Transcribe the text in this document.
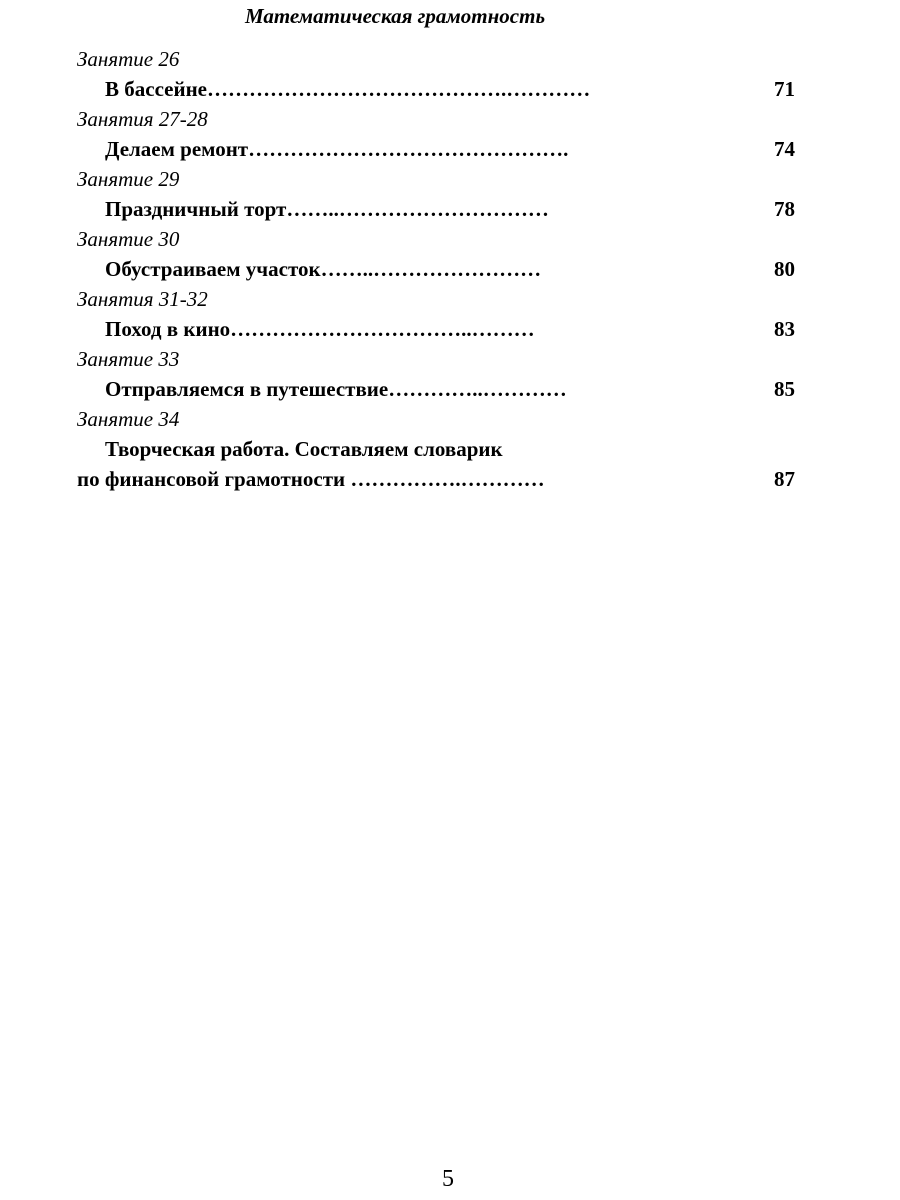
Математическая грамотность
Занятие 26
В бассейне…………………………………….…………	71
Занятия 27-28
Делаем ремонт……………………………………….	74
Занятие 29
Праздничный торт……..…………………………	78
Занятие 30
Обустраиваем участок……..……………………	80
Занятия 31-32
Поход в кино……………………………..………	83
Занятие 33
Отправляемся в путешествие…………..…………	85
Занятие 34
Творческая работа. Составляем словарик
по финансовой грамотности …………….…………	87
5
